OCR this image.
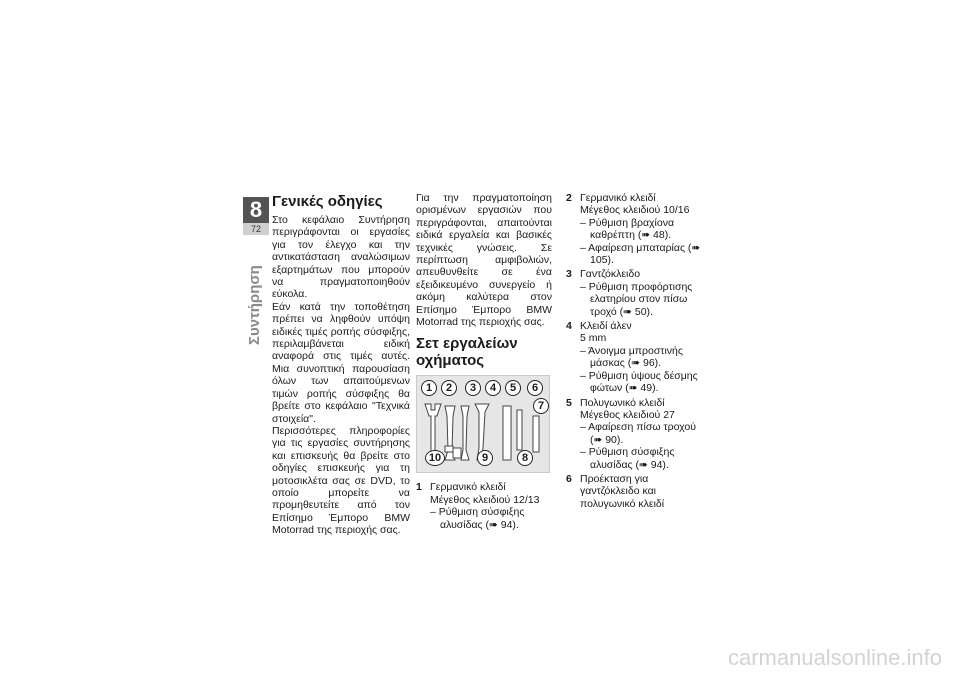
8
72
Συντήρηση
Γενικές οδηγίες

Στο κεφάλαιο Συντήρηση περιγράφονται οι εργασίες για τον έλεγχο και την αντικατάσταση αναλώσιμων εξαρτημάτων που μπορούν να πραγματοποιηθούν εύκολα.

Εάν κατά την τοποθέτηση πρέπει να ληφθούν υπόψη ειδικές τιμές ροπής σύσφιξης, περιλαμβάνεται ειδική αναφορά στις τιμές αυτές. Μια συνοπτική παρουσίαση όλων των απαιτούμενων τιμών ροπής σύσφιξης θα βρείτε στο κεφάλαιο "Τεχνικά στοιχεία".

Περισσότερες πληροφορίες για τις εργασίες συντήρησης και επισκευής θα βρείτε στο οδηγίες επισκευής για τη μοτοσικλέτα σας σε DVD, το οποίο μπορείτε να προμηθευτείτε από τον Επίσημο Έμπορο BMW Motorrad της περιοχής σας.

Για την πραγματοποίηση ορισμένων εργασιών που περιγράφονται, απαιτούνται ειδικά εργαλεία και βασικές τεχνικές γνώσεις. Σε περίπτωση αμφιβολιών, απευθυνθείτε σε ένα εξειδικευμένο συνεργείο ή ακόμη καλύτερα στον Επίσημο Έμπορο BMW Motorrad της περιοχής σας.

Σετ εργαλείων οχήματος
1	2	3	4	5	6
7
8
9
10
1 Γερμανικό κλειδί
Μέγεθος κλειδιού 12/13
– Ρύθμιση σύσφιξης αλυσίδας (➠ 94).
2 Γερμανικό κλειδί
Μέγεθος κλειδιού 10/16
– Ρύθμιση βραχίονα καθρέπτη (➠ 48).
– Αφαίρεση μπαταρίας (➠ 105).
3 Γαντζόκλειδο
– Ρύθμιση προφόρτισης ελατηρίου στον πίσω τροχό (➠ 50).
4 Κλειδί άλεν
5 mm
– Άνοιγμα μπροστινής μάσκας (➠ 96).
– Ρύθμιση ύψους δέσμης φώτων (➠ 49).
5 Πολυγωνικό κλειδί
Μέγεθος κλειδιού 27
– Αφαίρεση πίσω τροχού (➠ 90).
– Ρύθμιση σύσφιξης αλυσίδας (➠ 94).
6 Προέκταση για γαντζόκλειδο και πολυγωνικό κλειδί
carmanualsonline.info
